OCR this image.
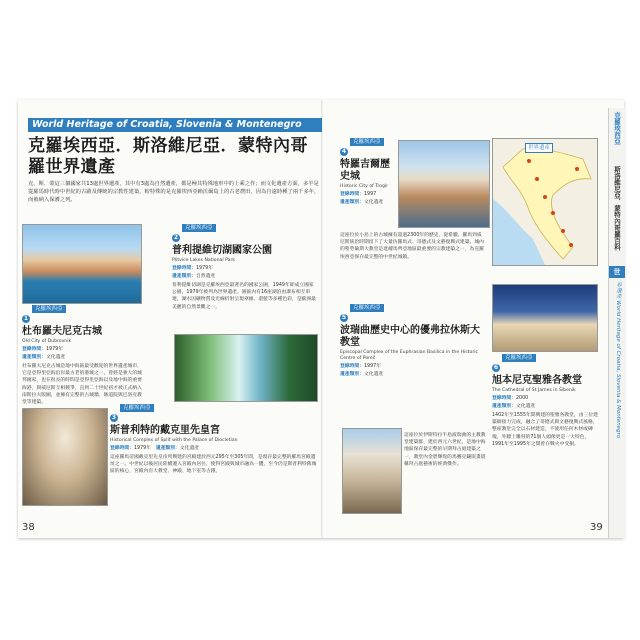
World Heritage of Croatia, Slovenia & Montenegro
克羅埃西亞．斯洛維尼亞．蒙特內哥羅世界遺產
克、斯、蒙這三個國家共13處世界遺產，其中有3處為自然遺產，都是極其特殊地形中的上乘之作；而文化遺產方面，多半是從羅馬時代時中世紀的古蹟及傳統的宗教性建築，較特殊的是克羅埃西亞賴沃爾島上的古老農田，因為自遠時種了兩千多年，而被納入保護之列。
1克羅埃西亞
杜布羅夫尼克古城
Old City of Dubrovnik
登錄時間：1979年
遺產類別：文化遺產
杜布羅夫尼克古城是地中海區最受歡迎的世界遺產城市，它是亞得里亞海沿岸最古老的港城之一，曾經是強大的城邦國家，也在很長的時間是亞得里亞海以及地中海的重要海港，與威尼斯互相競爭，直到二十世紀初才被正式納入南斯拉夫版圖，並擁有完整的古城牆、修道院與巴洛克教堂等建築。
2克羅埃西亞
普利提維切湖國家公園
Plitvice Lakes National Park
登錄時間：1979年
遺產類別：自然遺產
普利提維切湖是克羅埃西亞最著名的國家公園，1949年即成立國家公園，1979年被列為世界遺產。園區內有16座湖泊由瀑布相互串連，湖水因礦物質及光線折射呈現翠綠、湛藍等多種色彩，是歐洲最美麗的自然景觀之一。
3克羅埃西亞
斯普利特的戴克里先皇宮
Historical Complex of Split with the Palace of Diocletian
登錄時間：1979年　 遺產類別：文化遺產
這座羅馬帝國戴克里先皇帝所興建的宮殿建於西元295年至305年間，是現存最完整的羅馬宮殿遺址之一。中世紀以後居民陸續遷入宮殿內居住，使得宮殿與城市融為一體，至今仍是斯普利特舊城區的核心，宮殿內有大教堂、神殿、地下室等古蹟。
38
4克羅埃西亞
特羅吉爾歷史城
Historic City of Trogir
登錄時間：1997
遺產類別：文化遺產
這座位於小島上的古城擁有超過2300年的歷史，從希臘、羅馬到威尼斯統治時期留下了大量仿羅馬式、哥德式及文藝復興式建築，城內的聖勞倫斯大教堂是達爾馬齊亞地區最重要的宗教建築之一，為克羅埃西亞保存最完整的中世紀城鎮。
5克羅埃西亞
波瑞曲歷史中心的優弗拉休斯大教堂
Episcopal Complex of the Euphrasian Basilica in the Historic Centre of Poreč
登錄時間：1997年
遺產類別：文化遺產
這座位於伊斯特拉半島波瑞曲的主教教堂建築群，建於西元六世紀，是地中海地區保存最完整的早期拜占庭建築之一，教堂內金碧輝煌的馬賽克鑲嵌畫堪稱拜占庭藝術的經典傑作。
世界遺產
6克羅埃西亞
旭本尼克聖雅各教堂
The Cathedral of St James in Šibenik
登錄時間：2000
遺產類別：文化遺產
1402年至1555年間興建的聖雅各教堂，由三位建築師接力完成，融合了哥德式與文藝復興式風格，整座教堂完全以石材建造，不使用任何木材或磚塊，外牆上雕刻的71個人頭像更是一大特色，1991年至1995年之間曾在戰火中受損。
39
克羅埃西亞
斯洛維尼亞．蒙特內哥羅百科
世
界遺產 World Heritage of Croatia, Slovenia & Montenegro
